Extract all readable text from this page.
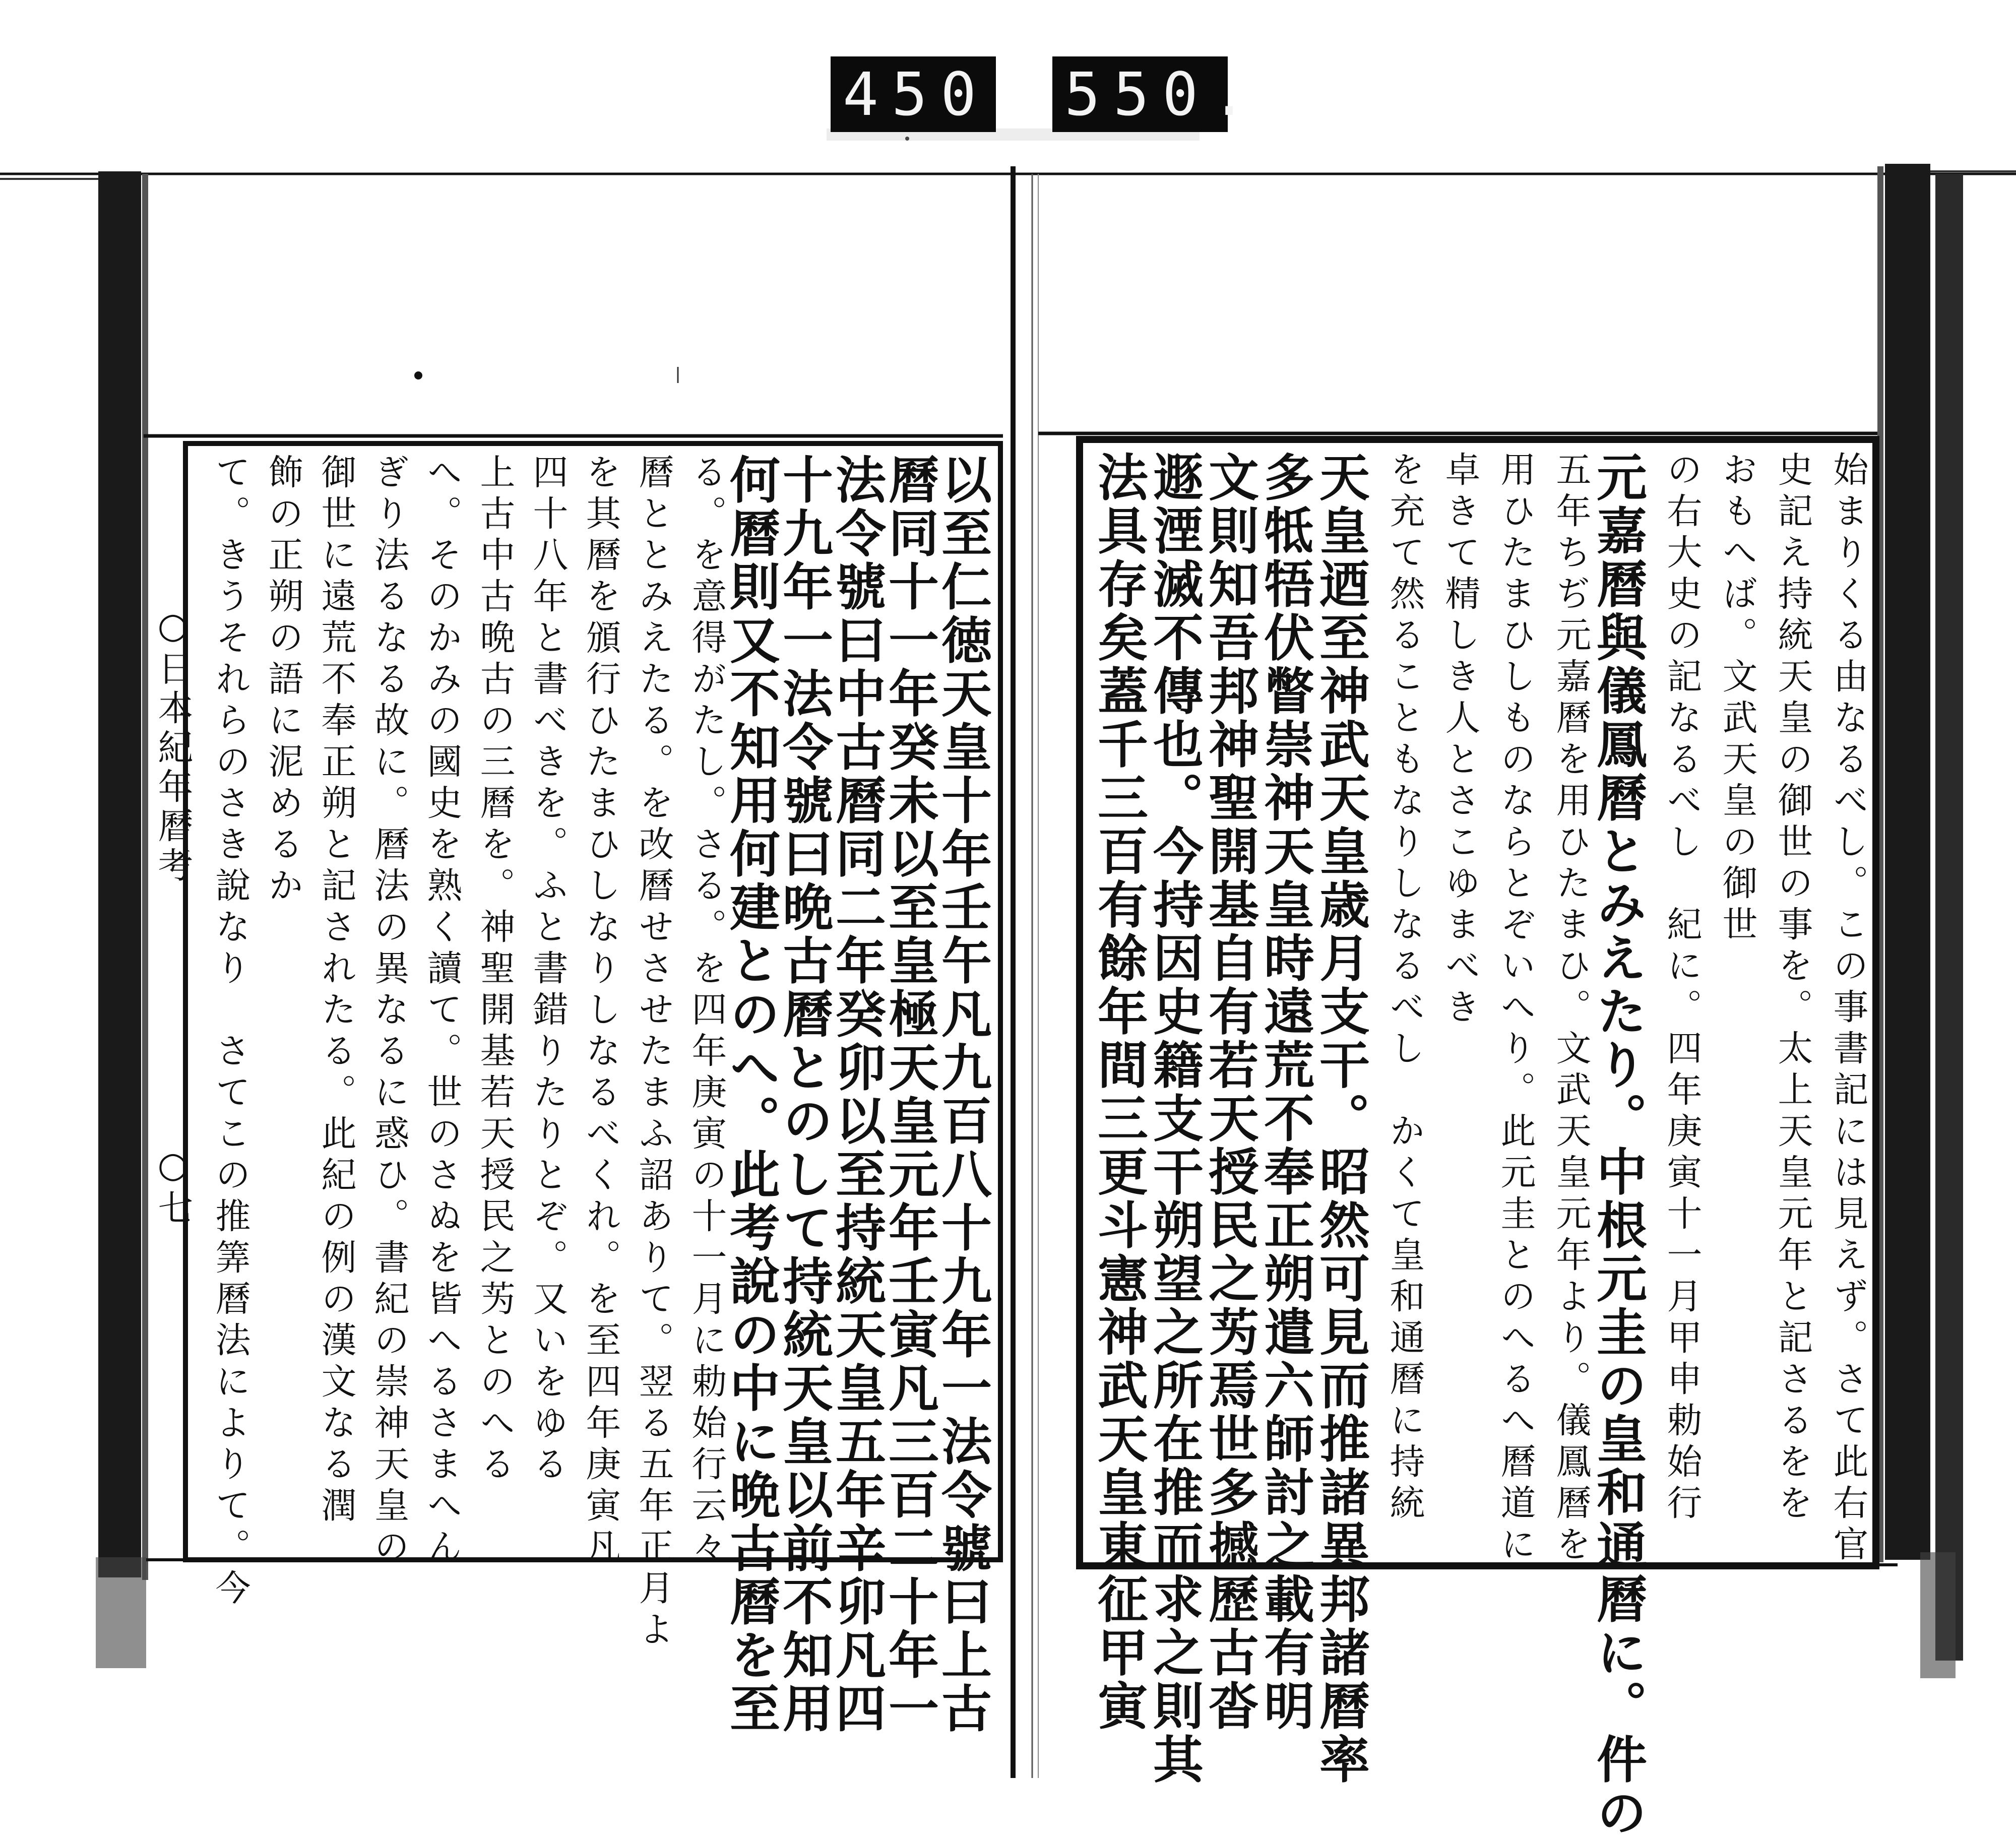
450 550.
○日本紀年曆考
○七	以至仁徳天皇十年壬午凡九百八十九年一法令號曰上古
曆同十一年癸未以至皇極天皇元年壬寅凡三百二十年一
法令號曰中古曆同二年癸卯以至持統天皇五年辛卯凡四
十九年一法令號曰晩古曆とのして持統天皇以前不知用
何曆則又不知用何建とのへ。此考說の中に晩古曆を至
る。を意得がたし。さる。を四年庚寅の十一月に勅始行云々
曆ととみえたる。を改曆せさせたまふ詔ありて。翌る五年正月よ
を其曆を頒行ひたまひしなりしなるべくれ。を至四年庚寅凡
四十八年と書べきを。ふと書錯りたりとぞ。又いをゆる
上古中古晩古の三曆を。神聖開基若天授民之𫇭とのへる
へ。そのかみの國史を熟く讀て。世のさぬを皆へるさまへん
ぎり法るなる故に。曆法の異なるに惑ひ。書紀の崇神天皇の
御世に遠荒不奉正朔と記されたる。此紀の例の漢文なる潤
飾の正朔の語に泥めるか
て。きうそれらのさき說なり　さてこの推筭曆法によりて。今	始まりくる由なるべし。この事書記には見えず。さて此右官
史記え持統天皇の御世の事を。太上天皇元年と記さるをを
おもへば。文武天皇の御世
の右大史の記なるべし　紀に。四年庚寅十一月甲申勅始行
元嘉曆與儀鳳曆とみえたり。中根元圭の皇和通曆に。件の
五年ちぢ元嘉曆を用ひたまひ。文武天皇元年より。儀鳳曆を
用ひたまひしものならとぞいへり。此元圭とのへるへ曆道に
卓きて精しき人とさこゆまべき
を充て然ることもなりしなるべし　かくて皇和通曆に持統
天皇迺至神武天皇歳月支干。昭然可見而推諸異邦諸曆率
多牴牾伏瞥崇神天皇時遠荒不奉正朔遣六師討之載有明
文則知吾邦神聖開基自有若天授民之𫇭焉世多撼歷古沓
遯湮滅不傳也。今持因史籍支干朔望之所在推而求之則其
法具存矣蓋千三百有餘年間三更斗憲神武天皇東征甲寅
